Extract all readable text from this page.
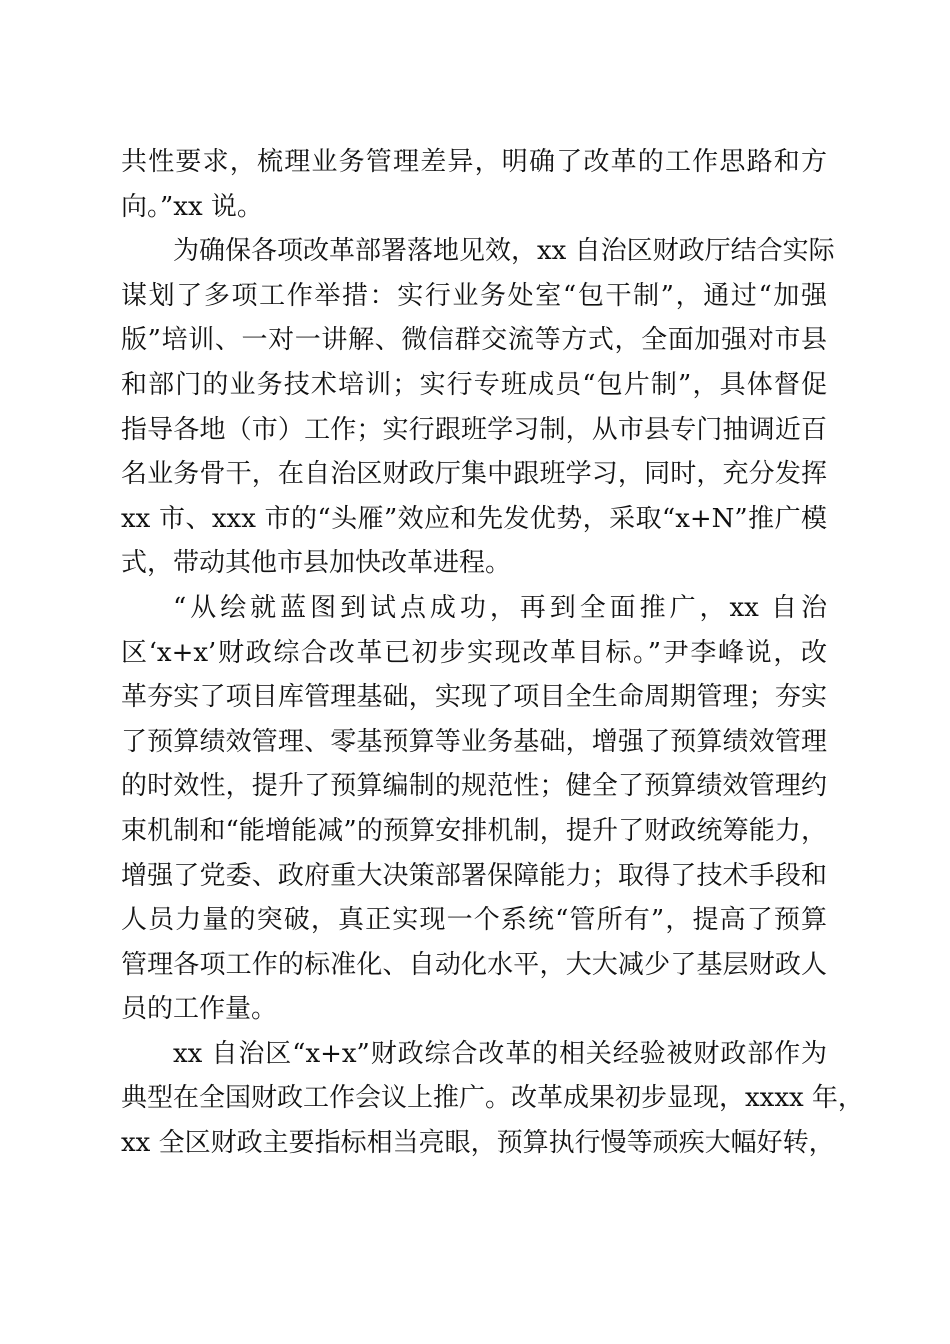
共性要求，梳理业务管理差异，明确了改革的工作思路和方
向。”xx 说。
为确保各项改革部署落地见效，xx 自治区财政厅结合实际
谋划了多项工作举措：实行业务处室“包干制”，通过“加强
版”培训、一对一讲解、微信群交流等方式，全面加强对市县
和部门的业务技术培训；实行专班成员“包片制”，具体督促
指导各地（市）工作；实行跟班学习制，从市县专门抽调近百
名业务骨干，在自治区财政厅集中跟班学习，同时，充分发挥
xx 市、xxx 市的“头雁”效应和先发优势，采取“x+N”推广模
式，带动其他市县加快改革进程。
“从绘就蓝图到试点成功，再到全面推广，xx 自治
区‘x+x’财政综合改革已初步实现改革目标。”尹李峰说，改
革夯实了项目库管理基础，实现了项目全生命周期管理；夯实
了预算绩效管理、零基预算等业务基础，增强了预算绩效管理
的时效性，提升了预算编制的规范性；健全了预算绩效管理约
束机制和“能增能减”的预算安排机制，提升了财政统筹能力，
增强了党委、政府重大决策部署保障能力；取得了技术手段和
人员力量的突破，真正实现一个系统“管所有”，提高了预算
管理各项工作的标准化、自动化水平，大大减少了基层财政人
员的工作量。
xx 自治区“x+x”财政综合改革的相关经验被财政部作为
典型在全国财政工作会议上推广。改革成果初步显现，xxxx 年，
xx 全区财政主要指标相当亮眼，预算执行慢等顽疾大幅好转，
